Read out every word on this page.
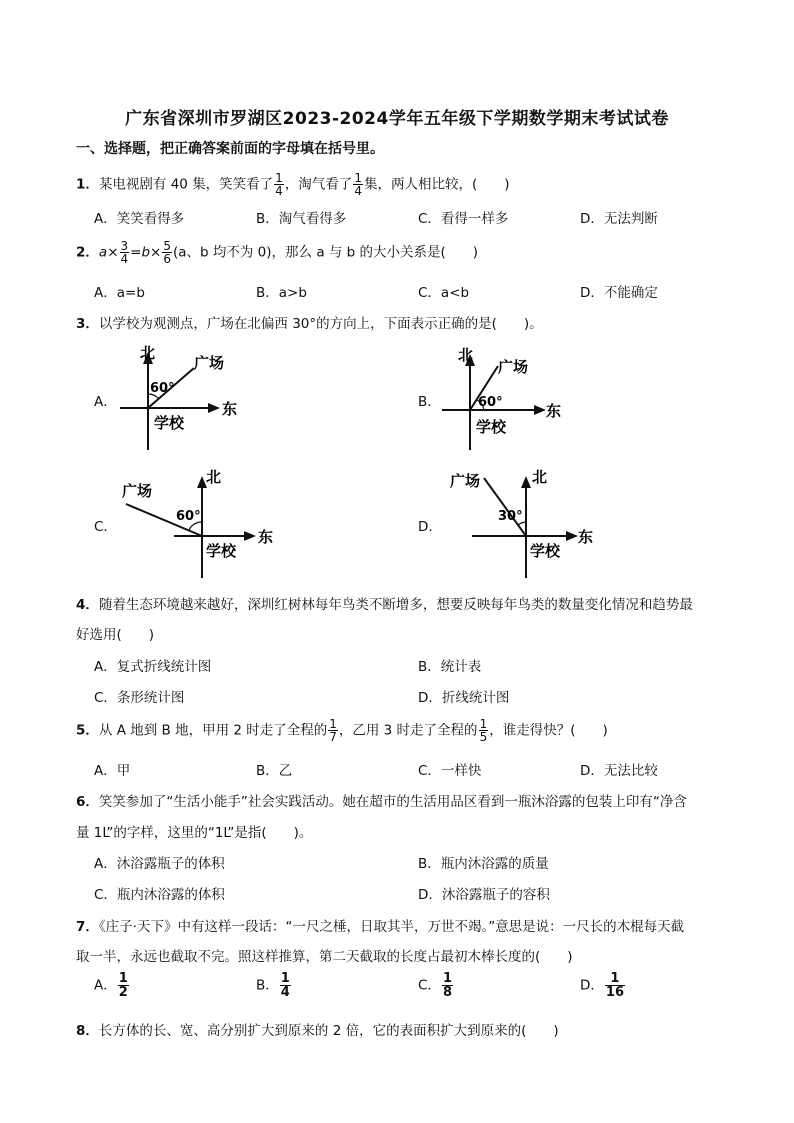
广东省深圳市罗湖区2023-2024学年五年级下学期数学期末考试试卷
一、选择题，把正确答案前面的字母填在括号里。
1．某电视剧有 40 集，笑笑看了 $\frac{1}{4}$ ，淘气看了 $\frac{1}{4}$ 集，两人相比较，(　　)
A．笑笑看得多	B．淘气看得多	C．看得一样多	D．无法判断
2．$a\times \frac{3}{4} =b\times \frac{5}{6} (a$、b 均不为 0)，那么 a 与 b 的大小关系是(　　)
A．a=b	B．a>b	C．a<b	D．不能确定
3．以学校为观测点，广场在北偏西 30°的方向上，下面表示正确的是(　　)。
A．
北
东
学校
广场
60°
B．
北
东
学校
广场
60°
C．
北
东
学校
广场
60°
D．
北
东
学校
广场
30°
4．随着生态环境越来越好，深圳红树林每年鸟类不断增多，想要反映每年鸟类的数量变化情况和趋势最
好选用(　　)
A．复式折线统计图	B．统计表
C．条形统计图	D．折线统计图
5．从 A 地到 B 地，甲用 2 时走了全程的 $\frac{1}{7}$ ，乙用 3 时走了全程的 $\frac{1}{5}$ ，谁走得快？(　　)
A．甲	B．乙	C．一样快	D．无法比较
6．笑笑参加了“生活小能手”社会实践活动。她在超市的生活用品区看到一瓶沐浴露的包装上印有“净含
量 1L”的字样，这里的“1L”是指(　　)。
A．沐浴露瓶子的体积	B．瓶内沐浴露的质量
C．瓶内沐浴露的体积	D．沐浴露瓶子的容积
7．《庄子·天下》中有这样一段话：“一尺之棰，日取其半，万世不竭。”意思是说：一尺长的木棍每天截
取一半，永远也截取不完。照这样推算，第二天截取的长度占最初木棒长度的(　　)
A． $\frac{1}{2}$	B． $\frac{1}{4}$	C． $\frac{1}{8}$	D． $\frac{1}{16}$
8．长方体的长、宽、高分别扩大到原来的 2 倍，它的表面积扩大到原来的(　　)
